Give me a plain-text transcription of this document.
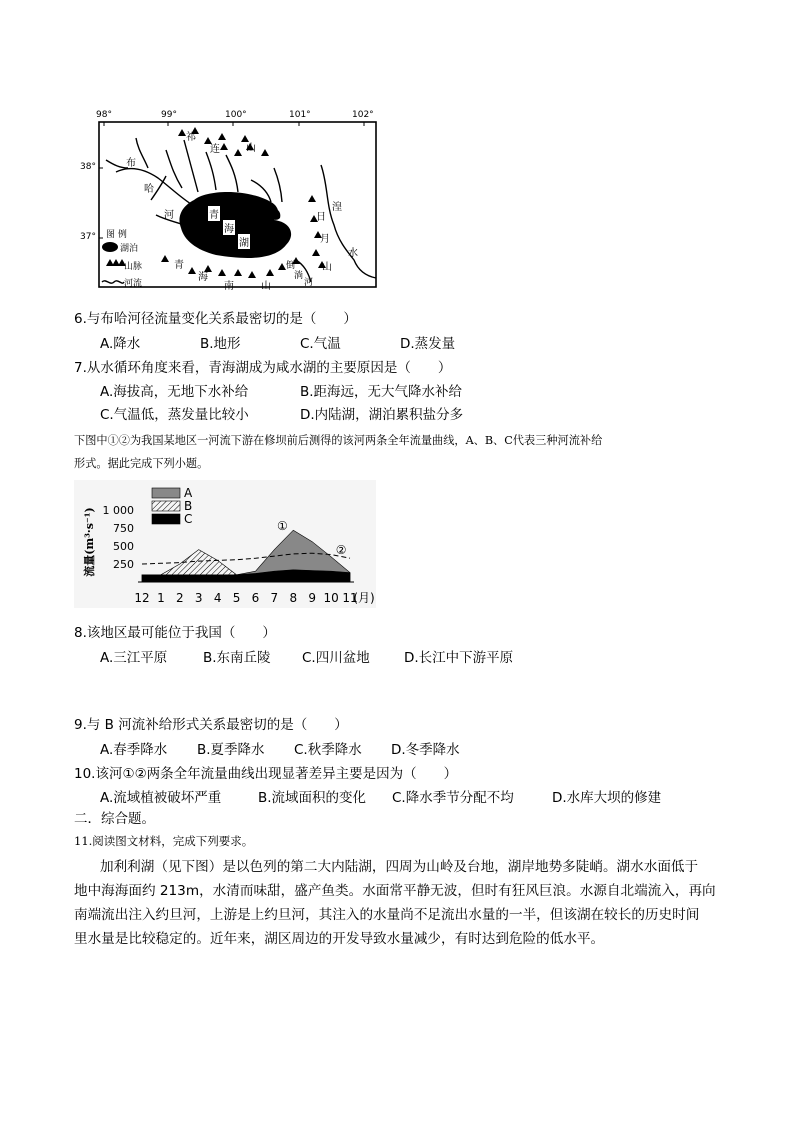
98°	99°	100°	101°	102°
38°
37°
祁
连	山
布
哈
河	青
海
湖
青
海
南	山
日
月
山
湟
水
倒
淌
河
图 例
湖泊
山脉
河流
6.与布哈河径流量变化关系最密切的是（　　）
A.降水	B.地形	C.气温	D.蒸发量
7.从水循环角度来看，青海湖成为咸水湖的主要原因是（　　）
A.海拔高，无地下水补给	B.距海远，无大气降水补给
C.气温低，蒸发量比较小	D.内陆湖，湖泊累积盐分多
下图中①②为我国某地区一河流下游在修坝前后测得的该河两条全年流量曲线，A、B、C代表三种河流补给
形式。据此完成下列小题。
1 000
750
500
250
①
②
12 1 2 3 4 5 6 7 8 9 10 11
(月)
A
B
C
流量(m³·s⁻¹)
8.该地区最可能位于我国（　　）
A.三江平原	B.东南丘陵 C.四川盆地	D.长江中下游平原
9.与 B 河流补给形式关系最密切的是（　　）
A.春季降水 B.夏季降水 C.秋季降水 D.冬季降水
10.该河①②两条全年流量曲线出现显著差异主要是因为（　　）
A.流域植被破坏严重	B.流域面积的变化 C.降水季节分配不均	D.水库大坝的修建
二．综合题。
11.阅读图文材料，完成下列要求。
加利利湖（见下图）是以色列的第二大内陆湖，四周为山岭及台地，湖岸地势多陡峭。湖水水面低于
地中海海面约 213m，水清而味甜，盛产鱼类。水面常平静无波，但时有狂风巨浪。水源自北端流入，再向
南端流出注入约旦河，上游是上约旦河，其注入的水量尚不足流出水量的一半，但该湖在较长的历史时间
里水量是比较稳定的。近年来，湖区周边的开发导致水量减少，有时达到危险的低水平。
